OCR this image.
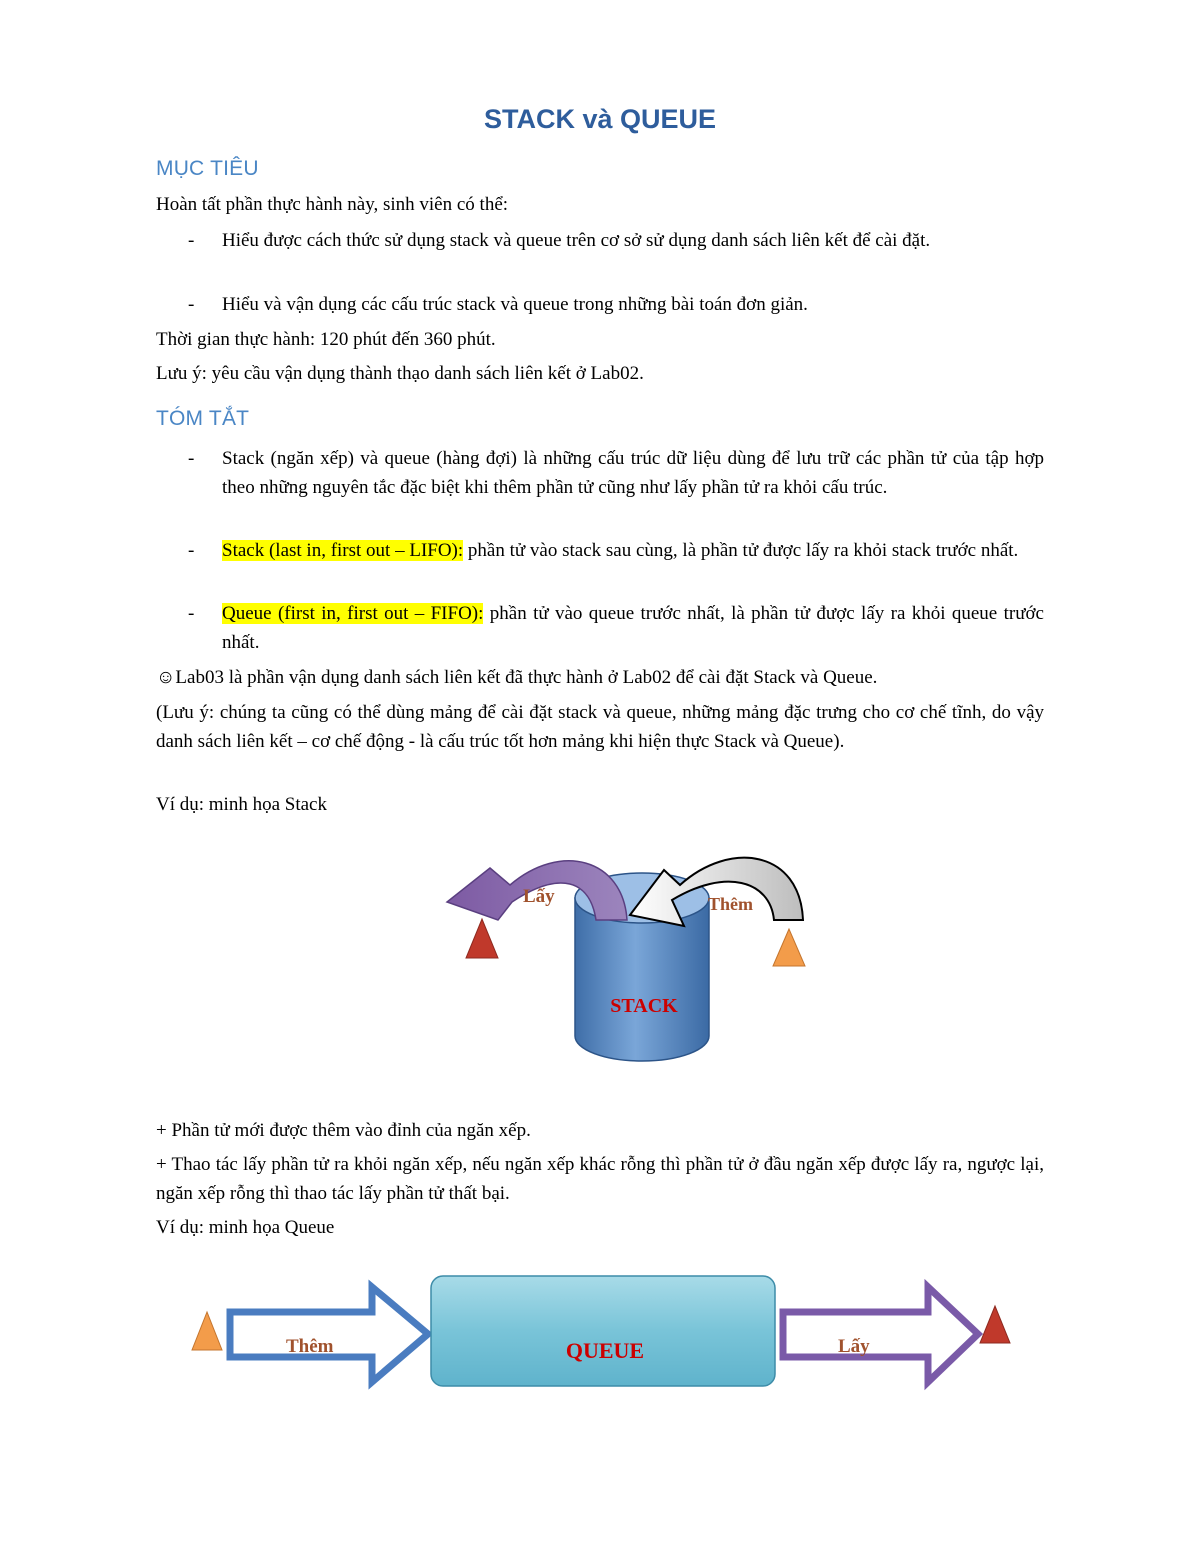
STACK và QUEUE
MỤC TIÊU

Hoàn tất phần thực hành này, sinh viên có thể:

- Hiểu được cách thức sử dụng stack và queue trên cơ sở sử dụng danh sách liên kết để cài đặt.
- Hiểu và vận dụng các cấu trúc stack và queue trong những bài toán đơn giản.

Thời gian thực hành: 120 phút đến 360 phút.

Lưu ý: yêu cầu vận dụng thành thạo danh sách liên kết ở Lab02.

TÓM TẮT
- Stack (ngăn xếp) và queue (hàng đợi) là những cấu trúc dữ liệu dùng để lưu trữ các phần tử của tập hợp theo những nguyên tắc đặc biệt khi thêm phần tử cũng như lấy phần tử ra khỏi cấu trúc.
- Stack (last in, first out – LIFO): phần tử vào stack sau cùng, là phần tử được lấy ra khỏi stack trước nhất.
- Queue (first in, first out – FIFO): phần tử vào queue trước nhất, là phần tử được lấy ra khỏi queue trước nhất.

☺Lab03 là phần vận dụng danh sách liên kết đã thực hành ở Lab02 để cài đặt Stack và Queue.

(Lưu ý: chúng ta cũng có thể dùng mảng để cài đặt stack và queue, những mảng đặc trưng cho cơ chế tĩnh, do vậy danh sách liên kết – cơ chế động - là cấu trúc tốt hơn mảng khi hiện thực Stack và Queue).

Ví dụ: minh họa Stack

Lấy	Thêm
STACK

+ Phần tử mới được thêm vào đỉnh của ngăn xếp.

+ Thao tác lấy phần tử ra khỏi ngăn xếp, nếu ngăn xếp khác rỗng thì phần tử ở đầu ngăn xếp được lấy ra, ngược lại, ngăn xếp rỗng thì thao tác lấy phần tử thất bại.

Ví dụ: minh họa Queue

Thêm	QUEUE	Lấy
